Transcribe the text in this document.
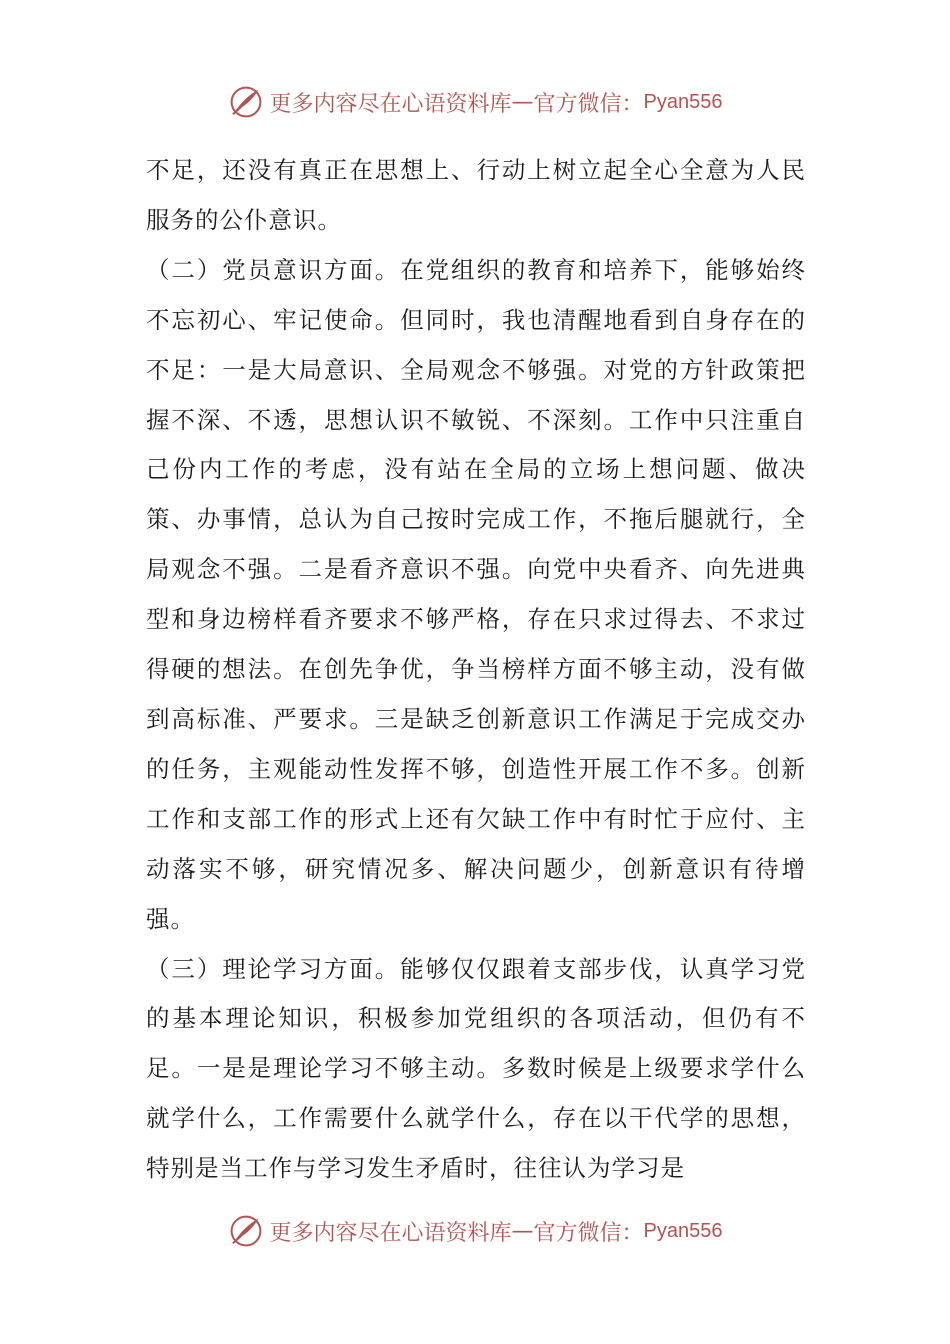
更多内容尽在心语资料库 — 官方微信： Pyan556

不足，还没有真正在思想上、行动上树立起全心全意为人民服务的公仆意识。

（二）党员意识方面。在党组织的教育和培养下，能够始终不忘初心、牢记使命。但同时，我也清醒地看到自身存在的不足：一是大局意识、全局观念不够强。对党的方针政策把握不深、不透，思想认识不敏锐、不深刻。工作中只注重自己份内工作的考虑，没有站在全局的立场上想问题、做决策、办事情，总认为自己按时完成工作，不拖后腿就行，全局观念不强。二是看齐意识不强。向党中央看齐、向先进典型和身边榜样看齐要求不够严格，存在只求过得去、不求过得硬的想法。在创先争优，争当榜样方面不够主动，没有做到高标准、严要求。三是缺乏创新意识工作满足于完成交办的任务，主观能动性发挥不够，创造性开展工作不多。创新工作和支部工作的形式上还有欠缺工作中有时忙于应付、主动落实不够，研究情况多、解决问题少，创新意识有待增强。

（三）理论学习方面。能够仅仅跟着支部步伐，认真学习党的基本理论知识，积极参加党组织的各项活动，但仍有不足。一是是理论学习不够主动。多数时候是上级要求学什么就学什么，工作需要什么就学什么，存在以干代学的思想，特别是当工作与学习发生矛盾时，往往认为学习是

更多内容尽在心语资料库 — 官方微信： Pyan556
